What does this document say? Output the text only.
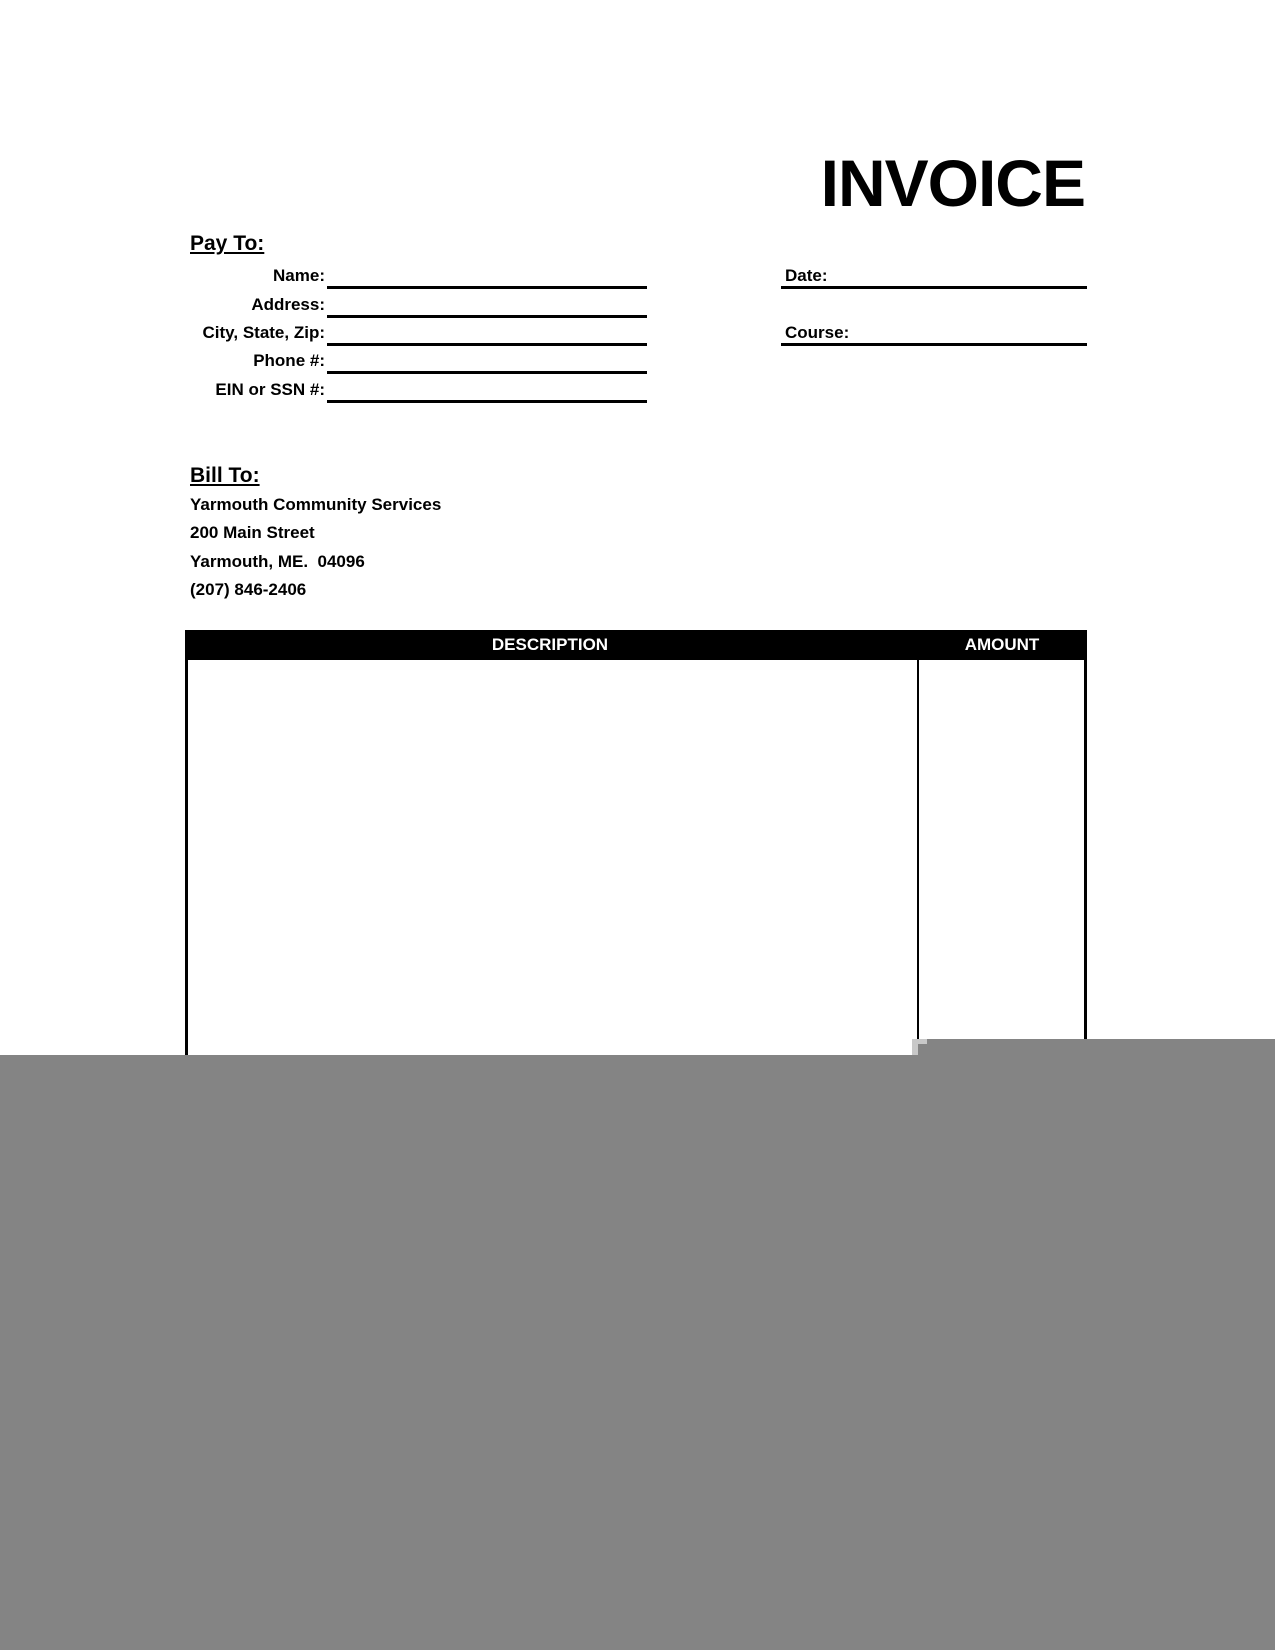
INVOICE
Pay To:
Name:
Address:
City, State, Zip:
Phone #:
EIN or SSN #:
Date:
Course:
Bill To:
Yarmouth Community Services
200 Main Street
Yarmouth, ME.  04096
(207) 846-2406
DESCRIPTION	AMOUNT
